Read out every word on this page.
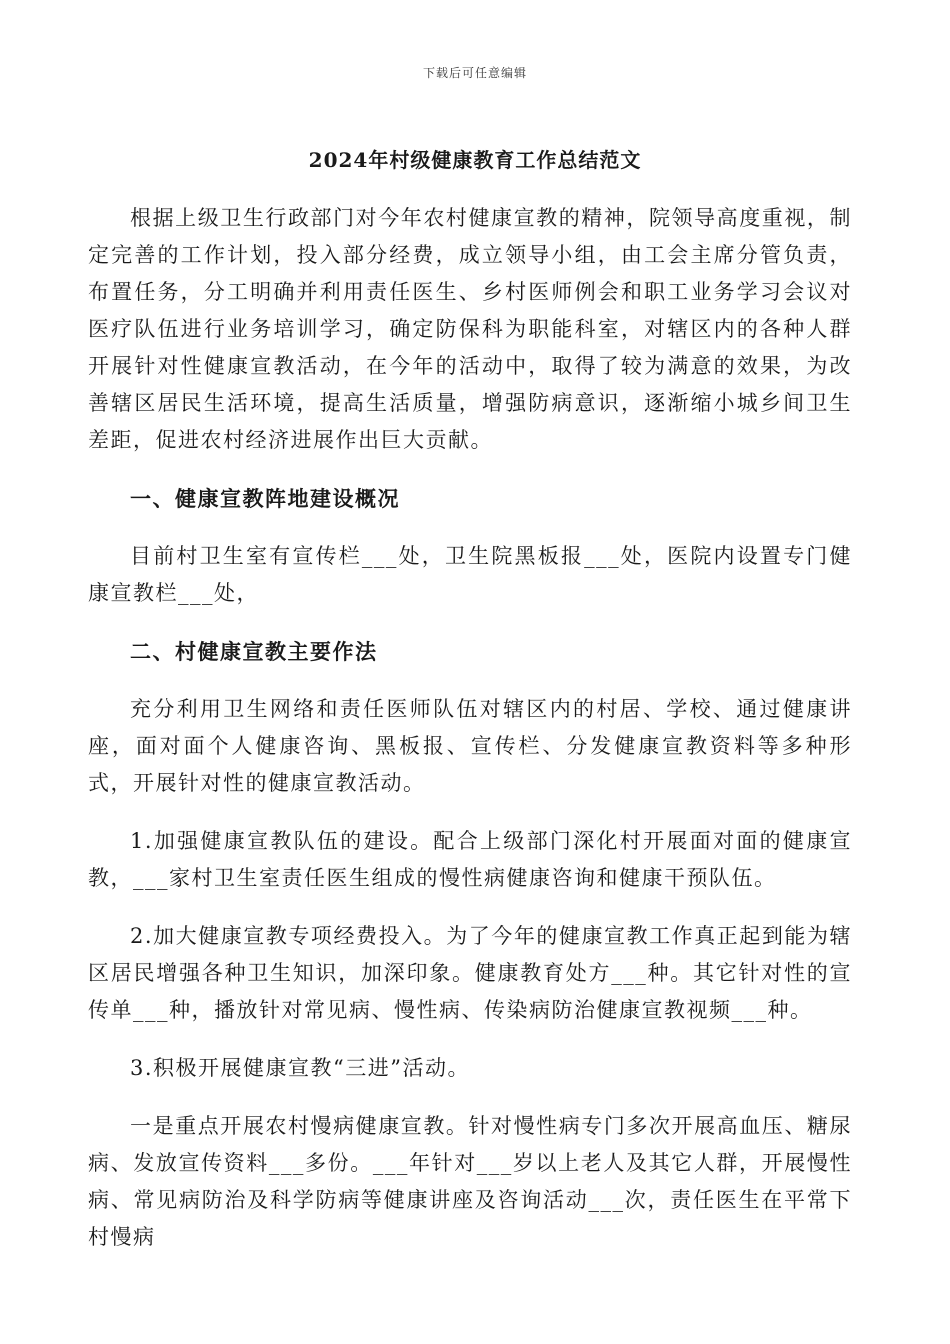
下载后可任意编辑
2024年村级健康教育工作总结范文

根据上级卫生行政部门对今年农村健康宣教的精神，院领导高度重视，制定完善的工作计划，投入部分经费，成立领导小组，由工会主席分管负责，布置任务，分工明确并利用责任医生、乡村医师例会和职工业务学习会议对医疗队伍进行业务培训学习，确定防保科为职能科室，对辖区内的各种人群开展针对性健康宣教活动，在今年的活动中，取得了较为满意的效果，为改善辖区居民生活环境，提高生活质量，增强防病意识，逐渐缩小城乡间卫生差距，促进农村经济进展作出巨大贡献。

一、健康宣教阵地建设概况

目前村卫生室有宣传栏___处，卫生院黑板报___处，医院内设置专门健康宣教栏___处，

二、村健康宣教主要作法

充分利用卫生网络和责任医师队伍对辖区内的村居、学校、通过健康讲座，面对面个人健康咨询、黑板报、宣传栏、分发健康宣教资料等多种形式，开展针对性的健康宣教活动。

1.加强健康宣教队伍的建设。配合上级部门深化村开展面对面的健康宣教，___家村卫生室责任医生组成的慢性病健康咨询和健康干预队伍。

2.加大健康宣教专项经费投入。为了今年的健康宣教工作真正起到能为辖区居民增强各种卫生知识，加深印象。健康教育处方___种。其它针对性的宣传单___种，播放针对常见病、慢性病、传染病防治健康宣教视频___种。

3.积极开展健康宣教“三进”活动。

一是重点开展农村慢病健康宣教。针对慢性病专门多次开展高血压、糖尿病、发放宣传资料___多份。___年针对___岁以上老人及其它人群，开展慢性病、常见病防治及科学防病等健康讲座及咨询活动___次，责任医生在平常下村慢病
